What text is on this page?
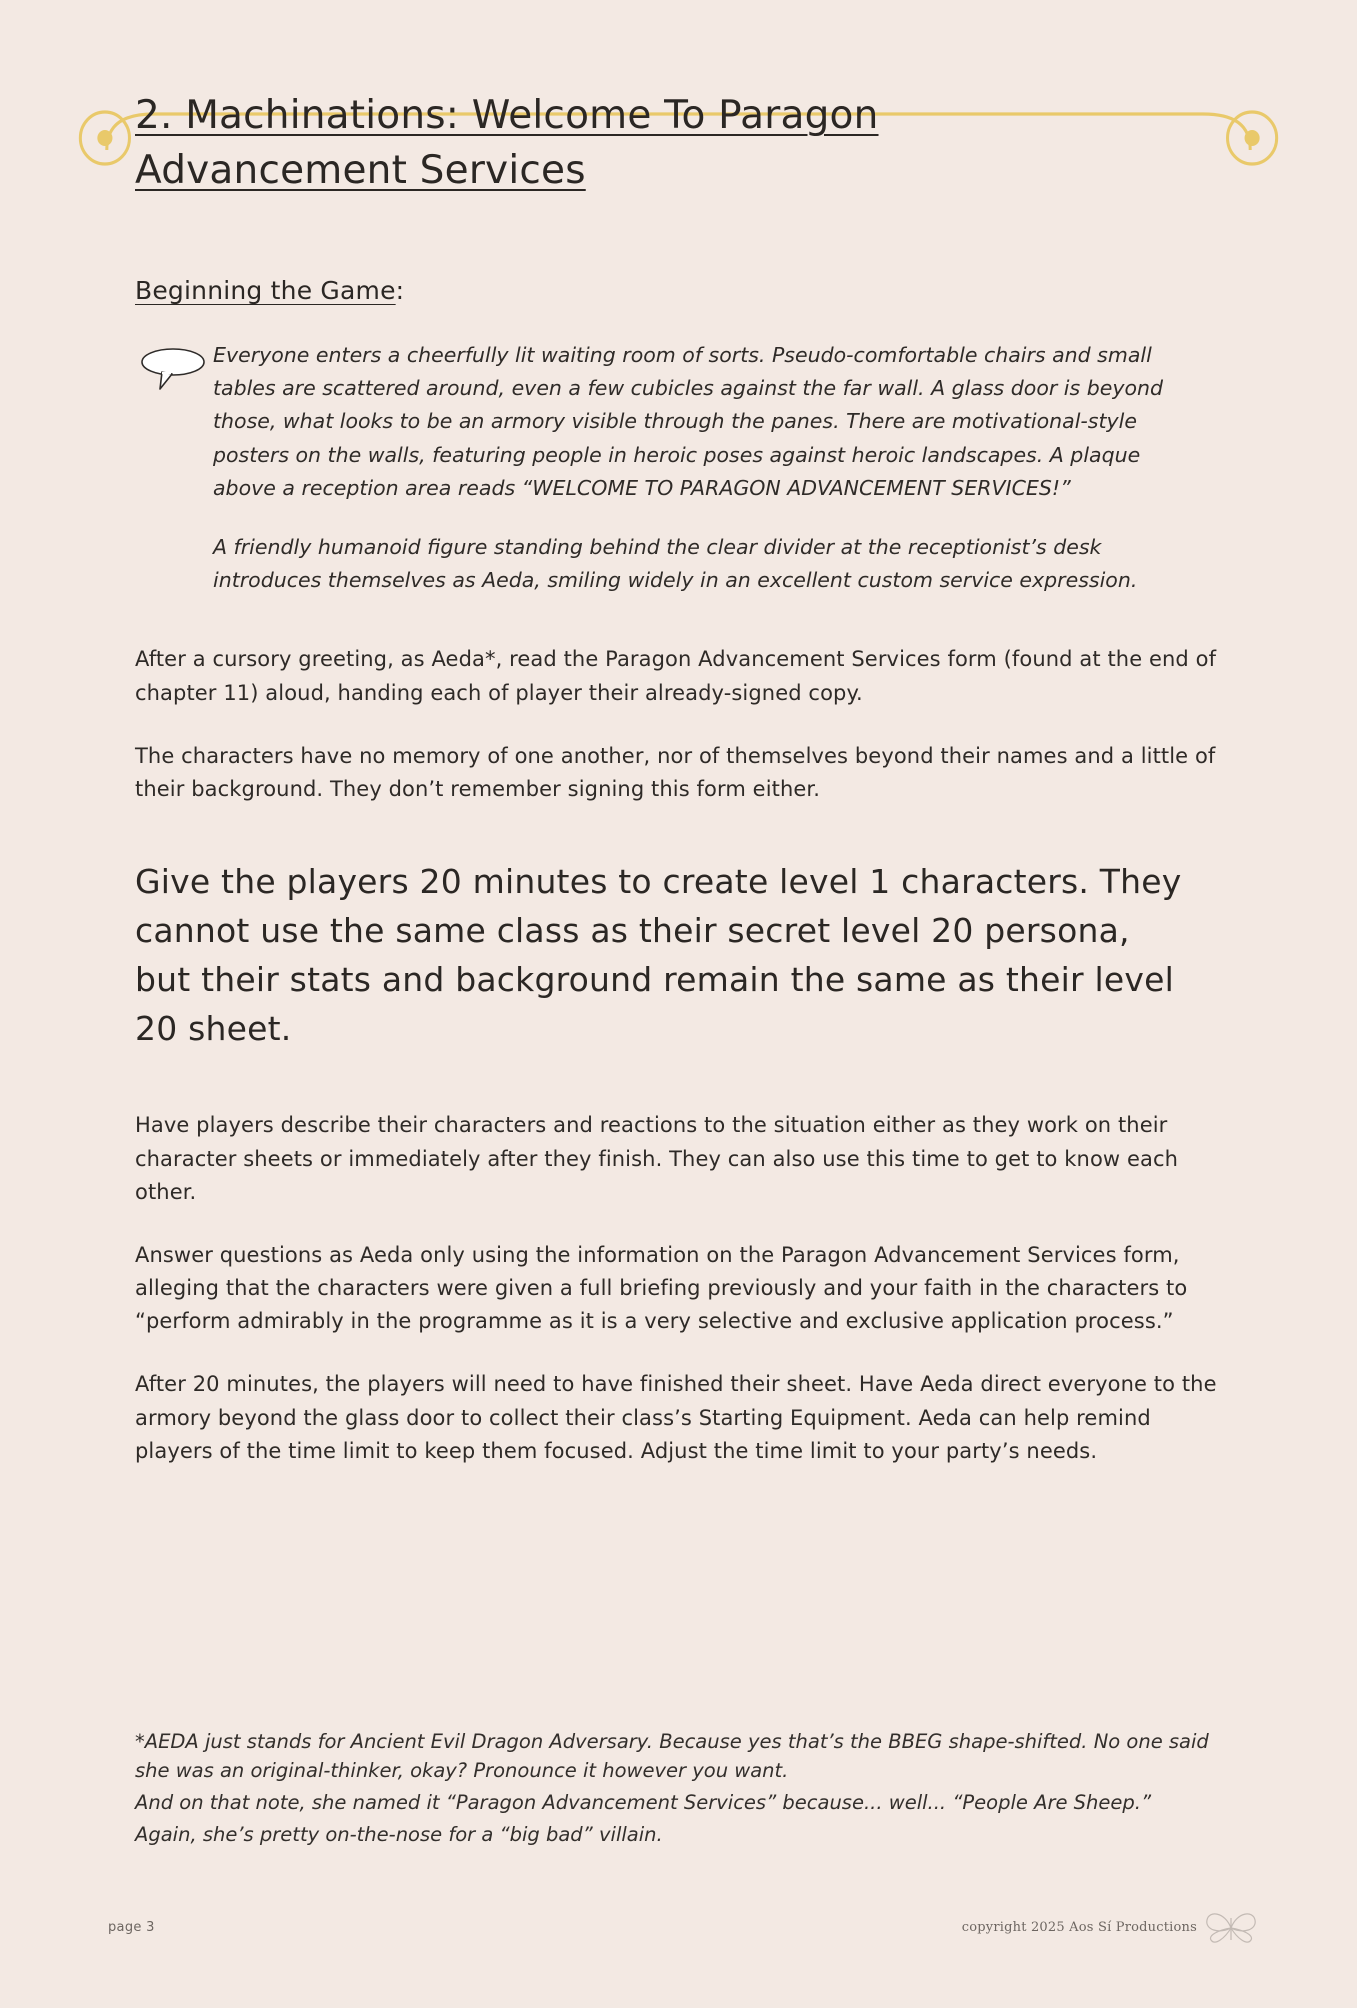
2. Machinations: Welcome To Paragon
Advancement Services
Beginning the Game:

Everyone enters a cheerfully lit waiting room of sorts. Pseudo-comfortable chairs and small tables are scattered around, even a few cubicles against the far wall. A glass door is beyond those, what looks to be an armory visible through the panes. There are motivational-style posters on the walls, featuring people in heroic poses against heroic landscapes. A plaque above a reception area reads “WELCOME TO PARAGON ADVANCEMENT SERVICES!”

A friendly humanoid figure standing behind the clear divider at the receptionist’s desk introduces themselves as Aeda, smiling widely in an excellent custom service expression.

After a cursory greeting, as Aeda*, read the Paragon Advancement Services form (found at the end of chapter 11) aloud, handing each of player their already-signed copy.

The characters have no memory of one another, nor of themselves beyond their names and a little of their background. They don’t remember signing this form either.

Give the players 20 minutes to create level 1 characters. They cannot use the same class as their secret level 20 persona, but their stats and background remain the same as their level 20 sheet.

Have players describe their characters and reactions to the situation either as they work on their character sheets or immediately after they finish. They can also use this time to get to know each other.

Answer questions as Aeda only using the information on the Paragon Advancement Services form, alleging that the characters were given a full briefing previously and your faith in the characters to “perform admirably in the programme as it is a very selective and exclusive application process.”

After 20 minutes, the players will need to have finished their sheet. Have Aeda direct everyone to the armory beyond the glass door to collect their class’s Starting Equipment. Aeda can help remind players of the time limit to keep them focused. Adjust the time limit to your party’s needs.

*AEDA just stands for Ancient Evil Dragon Adversary. Because yes that’s the BBEG shape-shifted. No one said she was an original-thinker, okay? Pronounce it however you want.

And on that note, she named it “Paragon Advancement Services” because... well... “People Are Sheep.”

Again, she’s pretty on-the-nose for a “big bad” villain.

page 3	copyright 2025 Aos Sí Productions
